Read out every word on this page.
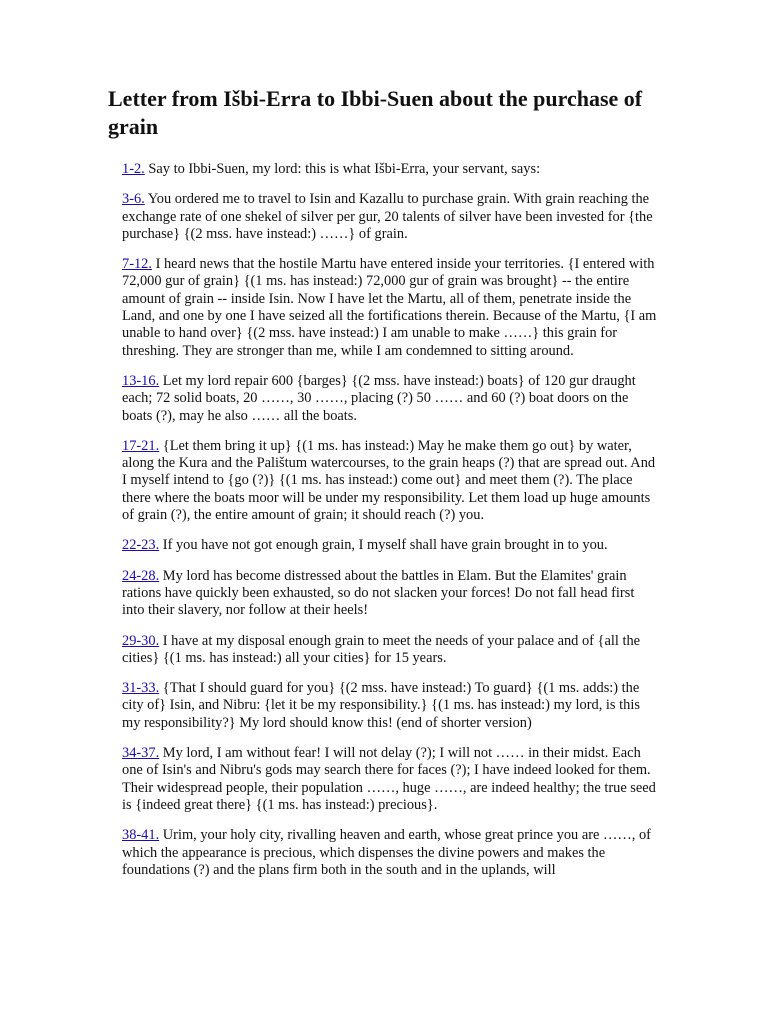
Letter from Išbi-Erra to Ibbi-Suen about the purchase of grain

1-2. Say to Ibbi-Suen, my lord: this is what Išbi-Erra, your servant, says:

3-6. You ordered me to travel to Isin and Kazallu to purchase grain. With grain reaching the exchange rate of one shekel of silver per gur, 20 talents of silver have been invested for {the purchase} {(2 mss. have instead:) ……} of grain.

7-12. I heard news that the hostile Martu have entered inside your territories. {I entered with 72,000 gur of grain} {(1 ms. has instead:) 72,000 gur of grain was brought} -- the entire amount of grain -- inside Isin. Now I have let the Martu, all of them, penetrate inside the Land, and one by one I have seized all the fortifications therein. Because of the Martu, {I am unable to hand over} {(2 mss. have instead:) I am unable to make ……} this grain for threshing. They are stronger than me, while I am condemned to sitting around.

13-16. Let my lord repair 600 {barges} {(2 mss. have instead:) boats} of 120 gur draught each; 72 solid boats, 20 ……, 30 ……, placing (?) 50 …… and 60 (?) boat doors on the boats (?), may he also …… all the boats.

17-21. {Let them bring it up} {(1 ms. has instead:) May he make them go out} by water, along the Kura and the Palištum watercourses, to the grain heaps (?) that are spread out. And I myself intend to {go (?)} {(1 ms. has instead:) come out} and meet them (?). The place there where the boats moor will be under my responsibility. Let them load up huge amounts of grain (?), the entire amount of grain; it should reach (?) you.

22-23. If you have not got enough grain, I myself shall have grain brought in to you.

24-28. My lord has become distressed about the battles in Elam. But the Elamites' grain rations have quickly been exhausted, so do not slacken your forces! Do not fall head first into their slavery, nor follow at their heels!

29-30. I have at my disposal enough grain to meet the needs of your palace and of {all the cities} {(1 ms. has instead:) all your cities} for 15 years.

31-33. {That I should guard for you} {(2 mss. have instead:) To guard} {(1 ms. adds:) the city of} Isin, and Nibru: {let it be my responsibility.} {(1 ms. has instead:) my lord, is this my responsibility?} My lord should know this! (end of shorter version)

34-37. My lord, I am without fear! I will not delay (?); I will not …… in their midst. Each one of Isin's and Nibru's gods may search there for faces (?); I have indeed looked for them. Their widespread people, their population ……, huge ……, are indeed healthy; the true seed is {indeed great there} {(1 ms. has instead:) precious}.

38-41. Urim, your holy city, rivalling heaven and earth, whose great prince you are ……, of which the appearance is precious, which dispenses the divine powers and makes the foundations (?) and the plans firm both in the south and in the uplands, will
